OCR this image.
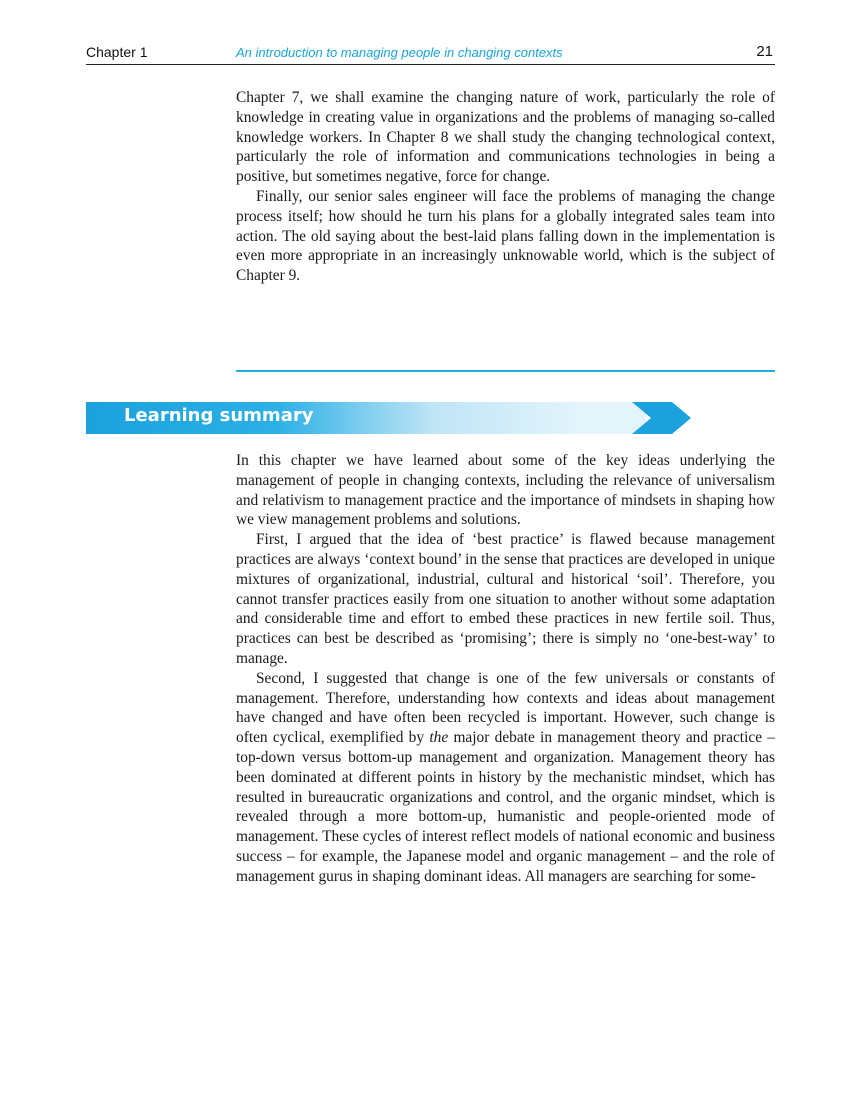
Chapter 1	An introduction to managing people in changing contexts	21

Chapter 7, we shall examine the changing nature of work, particularly the role of knowledge in creating value in organizations and the problems of managing so-called knowledge workers. In Chapter 8 we shall study the changing technological context, particularly the role of information and communications technologies in being a positive, but sometimes negative, force for change.

Finally, our senior sales engineer will face the problems of managing the change process itself; how should he turn his plans for a globally integrated sales team into action. The old saying about the best-laid plans falling down in the implementation is even more appropriate in an increasingly unknowable world, which is the subject of Chapter 9.

Learning summary

In this chapter we have learned about some of the key ideas underlying the management of people in changing contexts, including the relevance of universalism and relativism to management practice and the importance of mindsets in shaping how we view management problems and solutions.

First, I argued that the idea of ‘best practice’ is flawed because management practices are always ‘context bound’ in the sense that practices are developed in unique mixtures of organizational, industrial, cultural and historical ‘soil’. Therefore, you cannot transfer practices easily from one situation to another without some adaptation and considerable time and effort to embed these practices in new fertile soil. Thus, practices can best be described as ‘promising’; there is simply no ‘one-best-way’ to manage.

Second, I suggested that change is one of the few universals or constants of management. Therefore, understanding how contexts and ideas about management have changed and have often been recycled is important. However, such change is often cyclical, exemplified by the major debate in management theory and practice – top-down versus bottom-up management and organization. Management theory has been dominated at different points in history by the mechanistic mindset, which has resulted in bureaucratic organizations and control, and the organic mindset, which is revealed through a more bottom-up, humanistic and people-oriented mode of management. These cycles of interest reflect models of national economic and business success – for example, the Japanese model and organic management – and the role of management gurus in shaping dominant ideas. All managers are searching for some-
